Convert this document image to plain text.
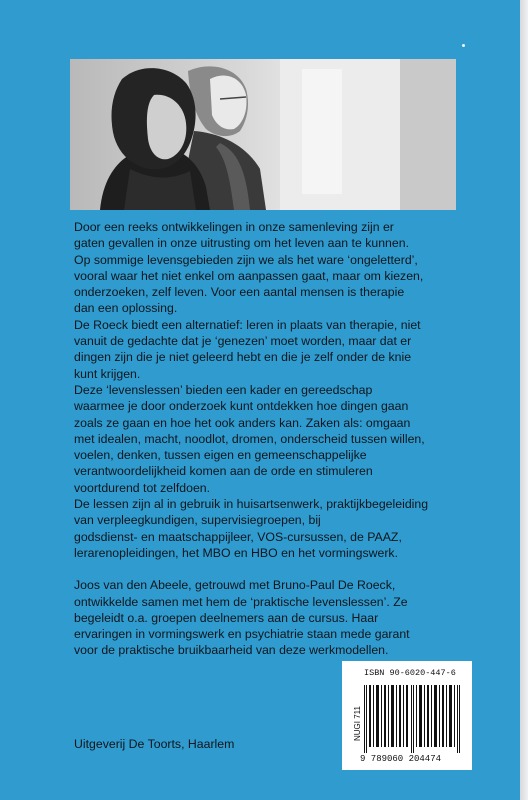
Door een reeks ontwikkelingen in onze samenleving zijn er
gaten gevallen in onze uitrusting om het leven aan te kunnen.
Op sommige levensgebieden zijn we als het ware ‘ongeletterd’,
vooral waar het niet enkel om aanpassen gaat, maar om kiezen,
onderzoeken, zelf leven. Voor een aantal mensen is therapie
dan een oplossing.

De Roeck biedt een alternatief: leren in plaats van therapie, niet
vanuit de gedachte dat je ‘genezen’ moet worden, maar dat er
dingen zijn die je niet geleerd hebt en die je zelf onder de knie
kunt krijgen.

Deze ‘levenslessen’ bieden een kader en gereedschap
waarmee je door onderzoek kunt ontdekken hoe dingen gaan
zoals ze gaan en hoe het ook anders kan. Zaken als: omgaan
met idealen, macht, noodlot, dromen, onderscheid tussen willen,
voelen, denken, tussen eigen en gemeenschappelijke
verantwoordelijkheid komen aan de orde en stimuleren
voortdurend tot zelfdoen.

De lessen zijn al in gebruik in huisartsenwerk, praktijkbegeleiding
van verpleegkundigen, supervisiegroepen, bij
godsdienst- en maatschappijleer, VOS-cursussen, de PAAZ,
lerarenopleidingen, het MBO en HBO en het vormingswerk.

Joos van den Abeele, getrouwd met Bruno-Paul De Roeck,
ontwikkelde samen met hem de ‘praktische levenslessen’. Ze
begeleidt o.a. groepen deelnemers aan de cursus. Haar
ervaringen in vormingswerk en psychiatrie staan mede garant
voor de praktische bruikbaarheid van deze werkmodellen.

Uitgeverij De Toorts, Haarlem
ISBN 90-6020-447-6
NUGI 711
9 789060 204474
